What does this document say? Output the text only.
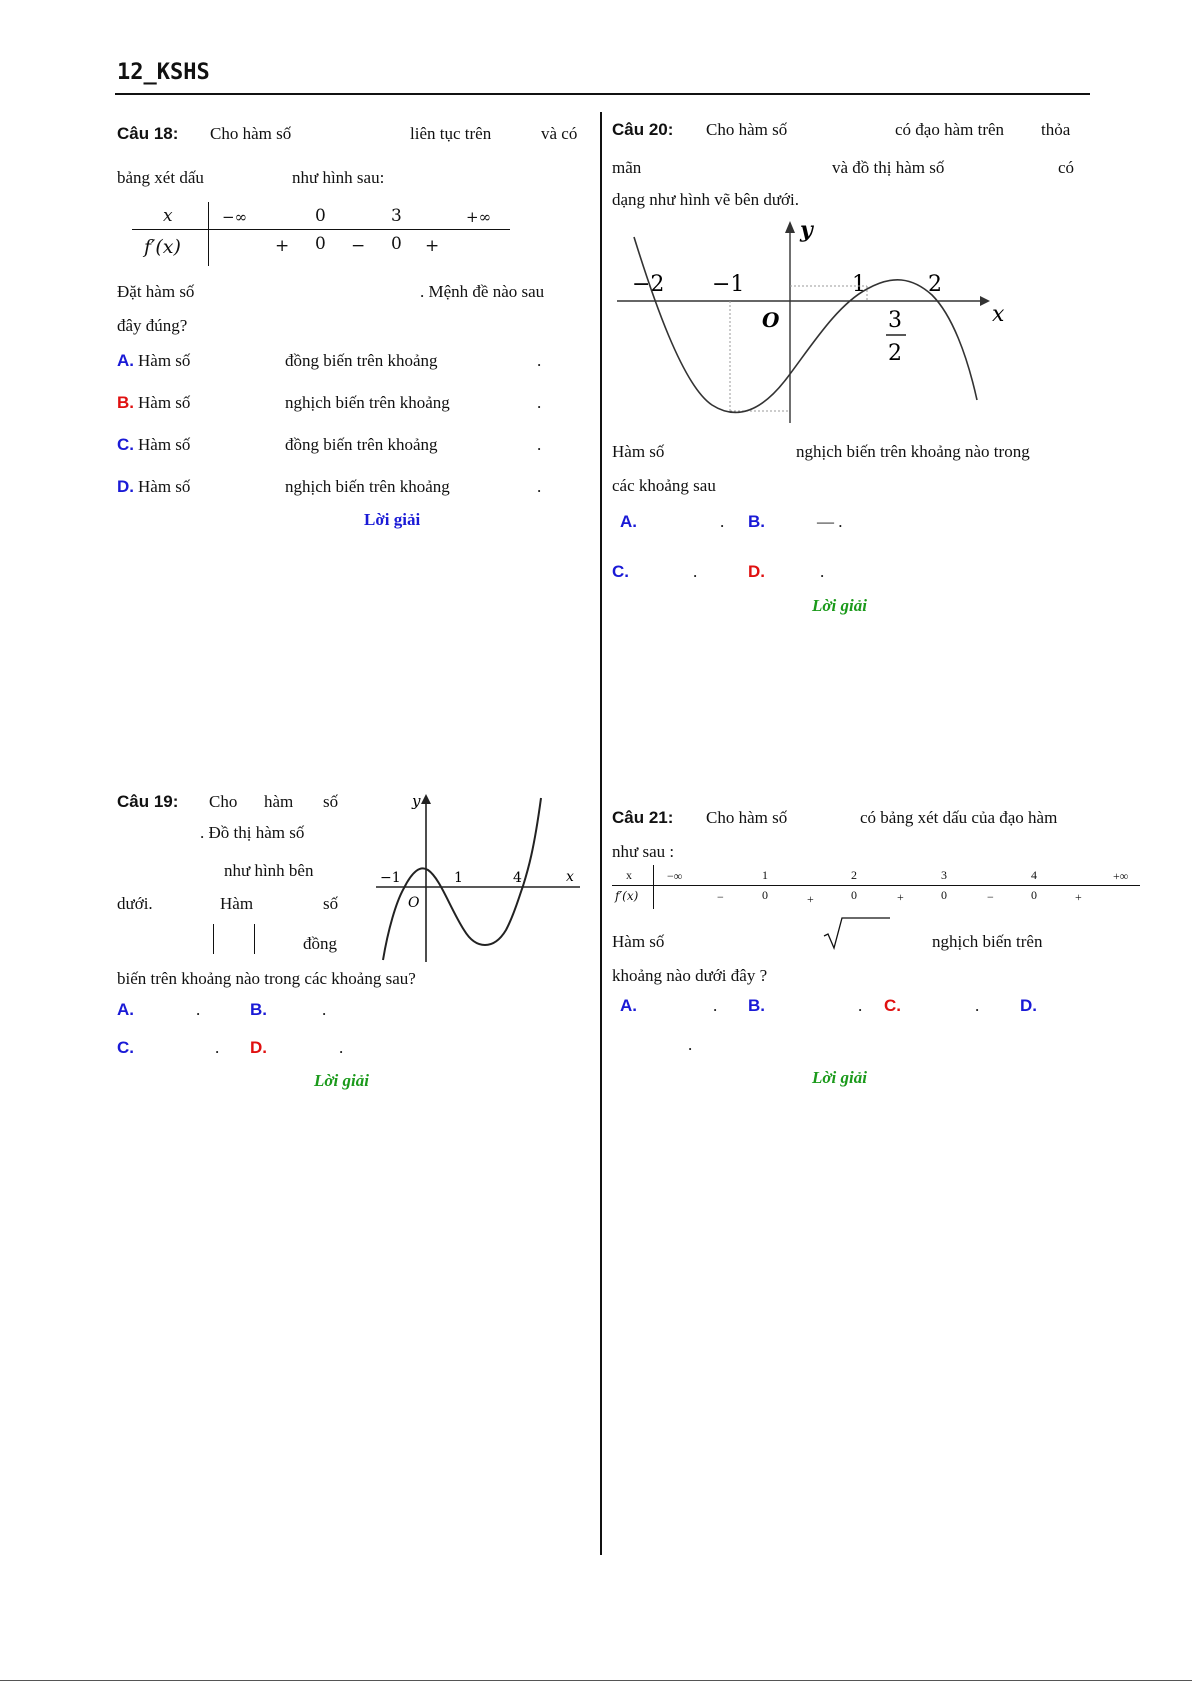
12_KSHS
Câu 18: Cho hàm số	liên tục trên	và có
bảng xét dấu	như hình sau:
x	−∞	0	3	+∞
f′(x)	+ 0 − 0 +
Đặt hàm số	. Mệnh đề nào sau
đây đúng?
A. Hàm số	đồng biến trên khoảng	.
B. Hàm số	nghịch biến trên khoảng	.
C. Hàm số	đồng biến trên khoảng	.
D. Hàm số	nghịch biến trên khoảng	.
Lời giải
Câu 19: Cho hàm số
. Đồ thị hàm số
như hình bên
dưới.	Hàm	số
đồng
biến trên khoảng nào trong các khoảng sau?
y
x
O
−1	1	4
A.	.	B.	.
C.	. D.	.
Lời giải
Câu 20: Cho hàm số	có đạo hàm trên thỏa
mãn	và đồ thị hàm số	có
dạng như hình vẽ bên dưới.
y
x
O
−2 −1	1	2
3
2
Hàm số	nghịch biến trên khoảng nào trong
các khoảng sau
A.	. B.	— .
C.	.	D.	.
Lời giải
Câu 21: Cho hàm số	có bảng xét dấu của đạo hàm
như sau :
x	−∞	1	2	3	4	+∞
f′(x)	−	0	+	0	+	0	−	0	+
Hàm số	nghịch biến trên
khoảng nào dưới đây ?
A.	. B.	. C.	. D.
.
Lời giải
